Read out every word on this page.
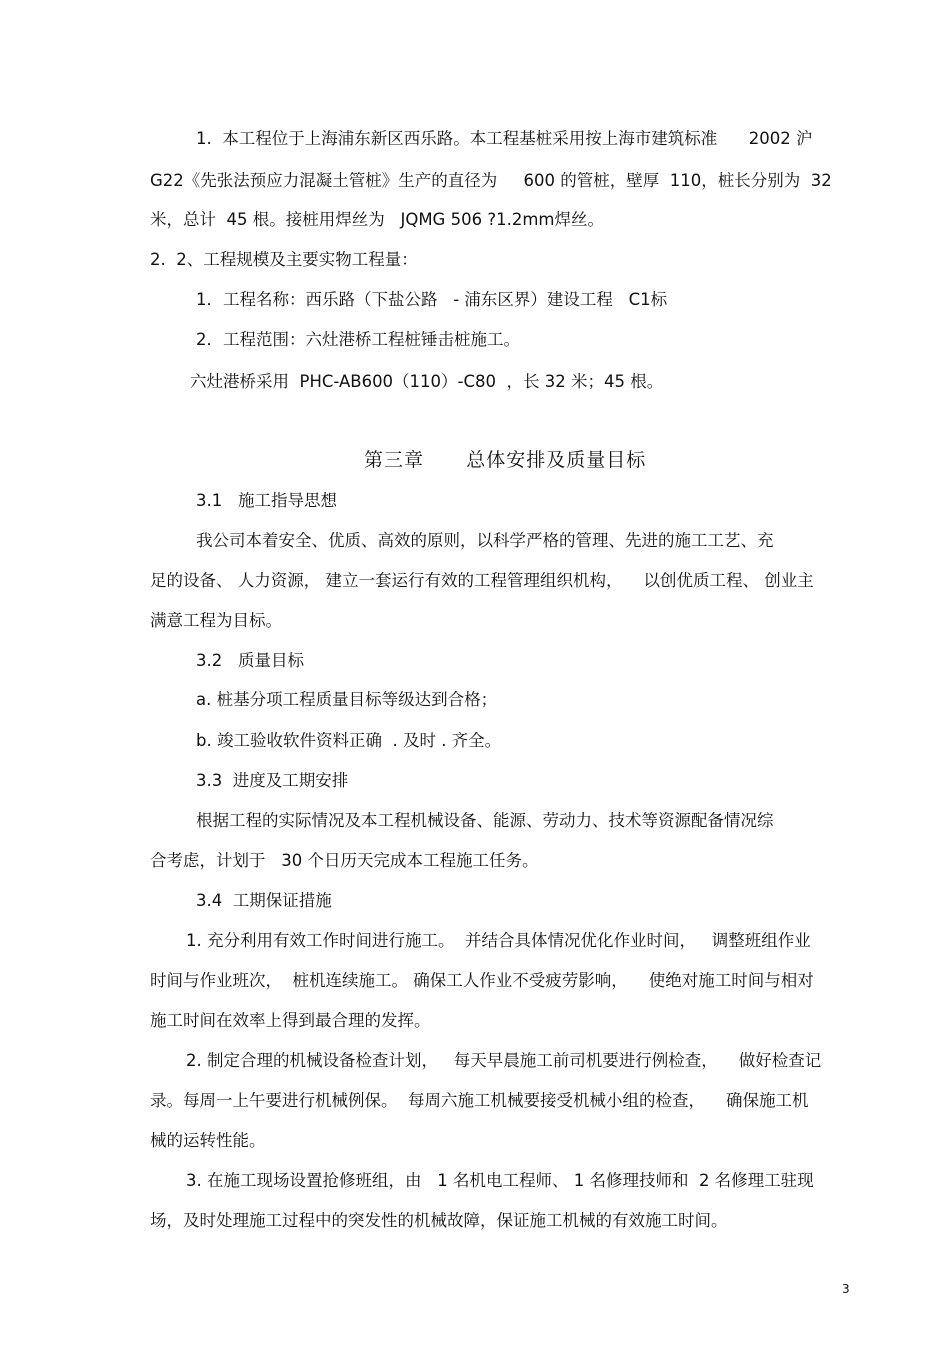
1.  本工程位于上海浦东新区西乐路。本工程基桩采用按上海市建筑标准      2002 沪
G22《先张法预应力混凝土管桩》生产的直径为     600 的管桩，壁厚  110，桩长分别为  32
米，总计  45 根。接桩用焊丝为   JQMG 506 ?1.2mm焊丝。
2.  2、工程规模及主要实物工程量：
1．工程名称：西乐路（下盐公路   - 浦东区界）建设工程   C1标
2．工程范围：六灶港桥工程桩锤击桩施工。
六灶港桥采用  PHC-AB600（110）-C80  ，长 32 米；45 根。
第三章      总体安排及质量目标
3.1   施工指导思想
我公司本着安全、优质、高效的原则，以科学严格的管理、先进的施工工艺、充
足的设备、 人力资源， 建立一套运行有效的工程管理组织机构，    以创优质工程、 创业主
满意工程为目标。
3.2   质量目标
a. 桩基分项工程质量目标等级达到合格；
b. 竣工验收软件资料正确  . 及时 . 齐全。
3.3  进度及工期安排
根据工程的实际情况及本工程机械设备、能源、劳动力、技术等资源配备情况综
合考虑，计划于   30 个日历天完成本工程施工任务。
3.4  工期保证措施
1. 充分利用有效工作时间进行施工。  并结合具体情况优化作业时间，   调整班组作业
时间与作业班次，  桩机连续施工。 确保工人作业不受疲劳影响，    使绝对施工时间与相对
施工时间在效率上得到最合理的发挥。
2. 制定合理的机械设备检查计划，   每天早晨施工前司机要进行例检查，    做好检查记
录。每周一上午要进行机械例保。  每周六施工机械要接受机械小组的检查，    确保施工机
械的运转性能。
3. 在施工现场设置抢修班组，由   1 名机电工程师、 1 名修理技师和  2 名修理工驻现
场，及时处理施工过程中的突发性的机械故障，保证施工机械的有效施工时间。
3
